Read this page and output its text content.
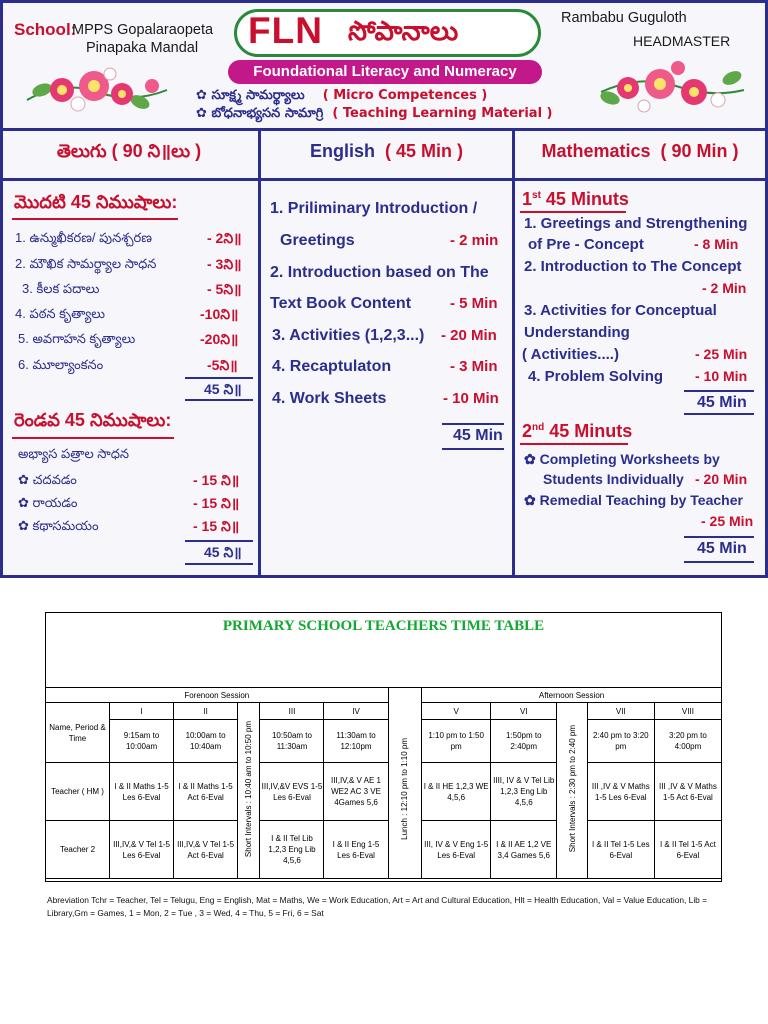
School:
MPPS Gopalaraopeta
Pinapaka Mandal FLN సోపానాలు
Foundational Literacy and Numeracy
✿ సూక్ష్మ సామర్థ్యాలు ( Micro Competences )
✿ బోధనాభ్యసన సామాగ్రి ( Teaching Learning Material )
Rambabu Guguloth
HEADMASTER
తెలుగు ( 90 ని॥లు )	English ( 45 Min )	Mathematics ( 90 Min )
మొదటి 45 నిముషాలు:
1. ఉన్ముఖీకరణ/ పునశ్చరణ	- 2ని॥
2. మౌఖిక సామర్థ్యాల సాధన	- 3ని॥
3. కీలక పదాలు	- 5ని॥
4. పఠన కృత్యాలు	-10ని॥
5. అవగాహన కృత్యాలు	-20ని॥
6. మూల్యాంకనం	-5ని॥
45 ని॥
రెండవ 45 నిముషాలు:
అభ్యాస పత్రాల సాధన
✿ చదవడం	- 15 ని॥
✿ రాయడం	- 15 ని॥
✿ కథాసమయం	- 15 ని॥
45 ని॥
1. Priliminary Introduction /
Greetings	- 2 min
2. Introduction based on The
Text Book Content	- 5 Min
3. Activities (1,2,3...) - 20 Min
4. Recaptulaton	- 3 Min
4. Work Sheets	- 10 Min
45 Min
1st 45 Minuts
1. Greetings and Strengthening
of Pre - Concept	- 8 Min
2. Introduction to The Concept
- 2 Min
3. Activities for Conceptual
Understanding
( Activities....)	- 25 Min
4. Problem Solving - 10 Min
45 Min
2nd 45 Minuts
✿ Completing Worksheets by
Students Individually - 20 Min
✿ Remedial Teaching by Teacher
- 25 Min
45 Min
PRIMARY SCHOOL TEACHERS TIME TABLE
Forenoon Session							Afternoon Session				
Name, Period & Time	I	II	Short Intervals : 10:40 am to 10:50 pm	III	IV	Lunch : 12:10 pm to 1:10 pm	V	VI	Short Intervals : 2:30 pm to 2:40 pm	VII	VIII
	9:15am to 10:00am	10:00am to 10:40am		10:50am to 11:30am	11:30am to 12:10pm		1:10 pm to 1:50 pm	1:50pm to 2:40pm		2:40 pm to 3:20 pm	3:20 pm to 4:00pm
Teacher ( HM )	I & II Maths 1-5 Les 6-Eval	I & II Maths 1-5 Act 6-Eval		III,IV,&V EVS 1-5 Les 6-Eval	III,IV,& V AE 1 WE2 AC 3 VE 4Games 5,6		I & II HE 1,2,3 WE 4,5,6	IIII, IV & V Tel Lib 1,2,3 Eng Lib 4,5,6		III ,IV & V Maths 1-5 Les 6-Eval	III ,IV & V Maths 1-5 Act 6-Eval
Teacher 2	III,IV,& V Tel 1-5 Les 6-Eval	III,IV,& V Tel 1-5 Act 6-Eval		I & II Tel Lib 1,2,3 Eng Lib 4,5,6	I & II Eng 1-5 Les 6-Eval		III, IV & V Eng 1-5 Les 6-Eval	I & II AE 1,2 VE 3,4 Games 5,6		I & II Tel 1-5 Les 6-Eval	I & II Tel 1-5 Act 6-Eval
Abreviation Tchr = Teacher, Tel = Telugu, Eng = English, Mat = Maths, We = Work Education, Art = Art and Cultural Education, Hlt = Health Education, Val = Value Education, Lib = Library,Gm = Games, 1 = Mon, 2 = Tue , 3 = Wed, 4 = Thu, 5 = Fri, 6 = Sat
